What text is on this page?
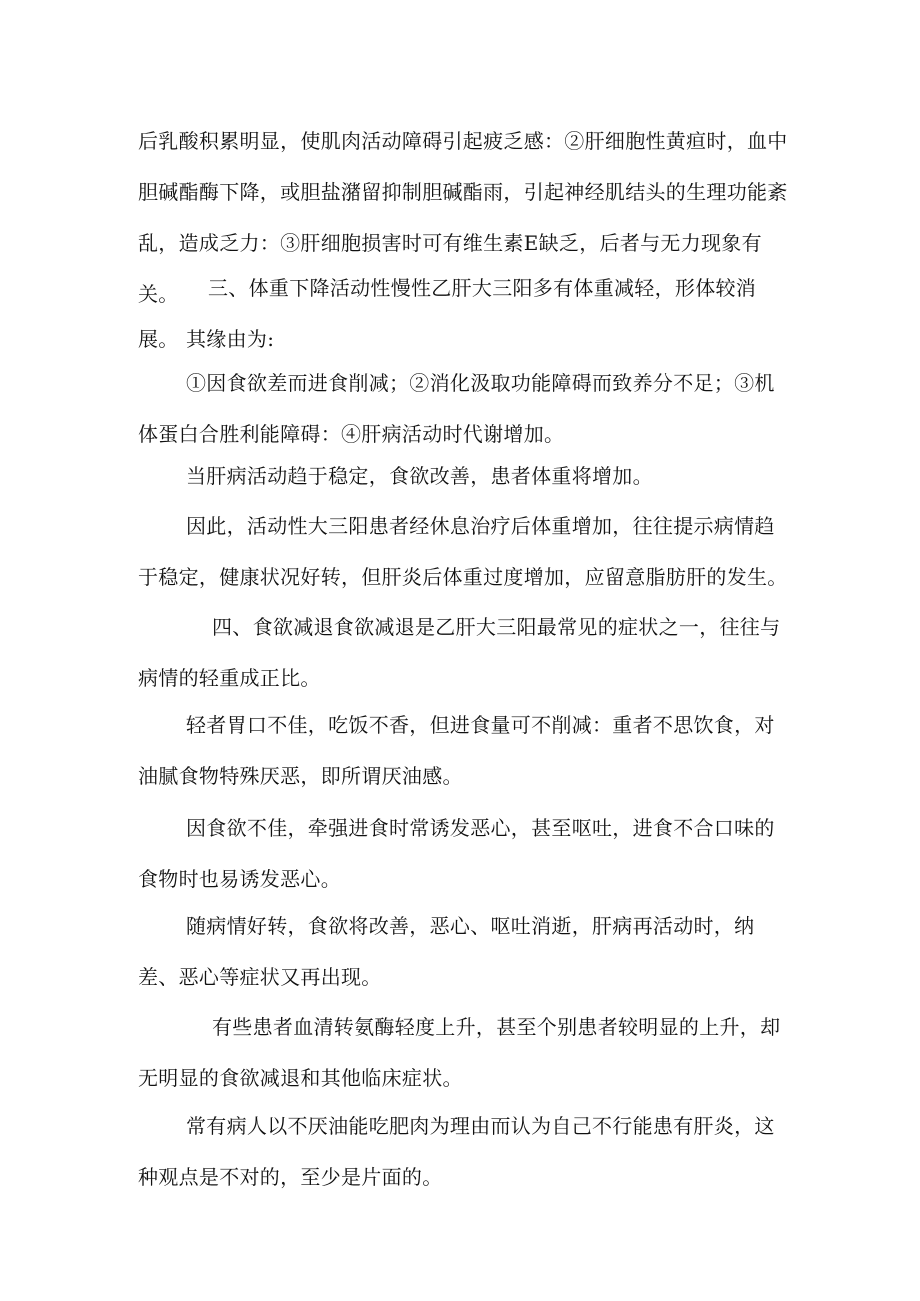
后乳酸积累明显，使肌肉活动障碍引起疲乏感：②肝细胞性黄疸时，血中胆碱酯酶下降，或胆盐潴留抑制胆碱酯雨，引起神经肌结头的生理功能紊乱，造成乏力：③肝细胞损害时可有维生素E缺乏，后者与无力现象有关。	三、体重下降活动性慢性乙肝大三阳多有体重减轻，形体较消展。 其缘由为:

①因食欲差而进食削减；②消化汲取功能障碍而致养分不足；③机体蛋白合胜利能障碍：④肝病活动时代谢增加。

当肝病活动趋于稳定，食欲改善，患者体重将增加。

因此，活动性大三阳患者经休息治疗后体重增加，往往提示病情趋于稳定，健康状况好转，但肝炎后体重过度增加，应留意脂肪肝的发生。

四、食欲减退食欲减退是乙肝大三阳最常见的症状之一，往往与病情的轻重成正比。

轻者胃口不佳，吃饭不香，但进食量可不削减：重者不思饮食，对油腻食物特殊厌恶，即所谓厌油感。

因食欲不佳，牵强进食时常诱发恶心，甚至呕吐，进食不合口味的食物时也易诱发恶心。

随病情好转，食欲将改善，恶心、呕吐消逝，肝病再活动时，纳差、恶心等症状又再出现。

有些患者血清转氨酶轻度上升，甚至个别患者较明显的上升，却无明显的食欲减退和其他临床症状。

常有病人以不厌油能吃肥肉为理由而认为自己不行能患有肝炎，这种观点是不对的，至少是片面的。
